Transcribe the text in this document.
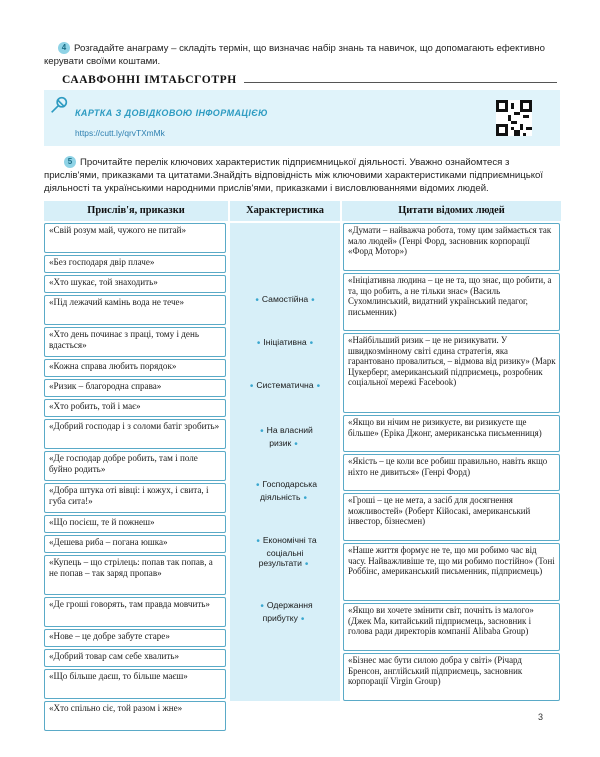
4 Розгадайте анаграму – складіть термін, що визначає набір знань та навичок, що допомагають ефективно керувати своїми коштами.
СААВФОННІ ІМТАЬСГОТРН
КАРТКА З ДОВІДКОВОЮ ІНФОРМАЦІЄЮ
https://cutt.ly/qrvTXmMk
5 Прочитайте перелік ключових характеристик підприємницької діяльності. Уважно ознайомтеся з прислів'ями, приказками та цитатами.Знайдіть відповідність між ключовими характеристиками підприємницької діяльності та українськими народними прислів'ями, приказками і висловлюваннями відомих людей.
Прислів'я, приказки	Характеристика	Цитати відомих людей
«Свій розум май, чужого не питай»
«Без господаря двір плаче»
«Хто шукає, той знаходить»
«Під лежачий камінь вода не тече»
«Хто день починає з праці, тому і день вдасться»
«Кожна справа любить порядок»
«Ризик – благородна справа»
«Хто робить, той і має»
«Добрий господар і з соломи батіг зробить»
«Де господар добре робить, там і поле буйно родить»
«Добра штука оті вівці: і кожух, і свита, і губа сита!»
«Що посієш, те й пожнеш»
«Дешева риба – погана юшка»
«Купець – що стрілець: попав так попав, а не попав – так заряд пропав»
«Де гроші говорять, там правда мовчить»
«Нове – це добре забуте старе»
«Добрий товар сам себе хвалить»
«Що більше даєш, то більше маєш»
«Хто спільно сіє, той разом і жне»
• Самостійна •
• Ініціативна •
• Систематична •
• На власний ризик •
• Господарська діяльність •
• Економічні та соціальні результати •
• Одержання прибутку •
«Думати – найважча робота, тому цим займається так мало людей» (Генрі Форд, засновник корпорації «Форд Мотор»)
«Ініціативна людина – це не та, що знає, що робити, а та, що робить, а не тільки знає» (Василь Сухомлинський, видатний український педагог, письменник)
«Найбільший ризик – це не ризикувати. У швидкозмінному світі єдина стратегія, яка гарантовано провалиться, – відмова від ризику» (Марк Цукерберг, американський підприємець, розробник соціальної мережі Facebook)
«Якщо ви нічим не ризикуєте, ви ризикуєте ще більше» (Еріка Джонг, американська письменниця)
«Якість – це коли все робиш правильно, навіть якщо ніхто не дивиться» (Генрі Форд)
«Гроші – це не мета, а засіб для досягнення можливостей» (Роберт Кійосакі, американський інвестор, бізнесмен)
«Наше життя формує не те, що ми робимо час від часу. Найважливіше те, що ми робимо постійно» (Тоні Роббінс, американський письменник, підприємець)
«Якщо ви хочете змінити світ, почніть із малого» (Джек Ма, китайський підприємець, засновник і голова ради директорів компанії Alibaba Group)
«Бізнес має бути силою добра у світі» (Річард Бренсон, англійський підприємець, засновник корпорації Virgin Group)
3
